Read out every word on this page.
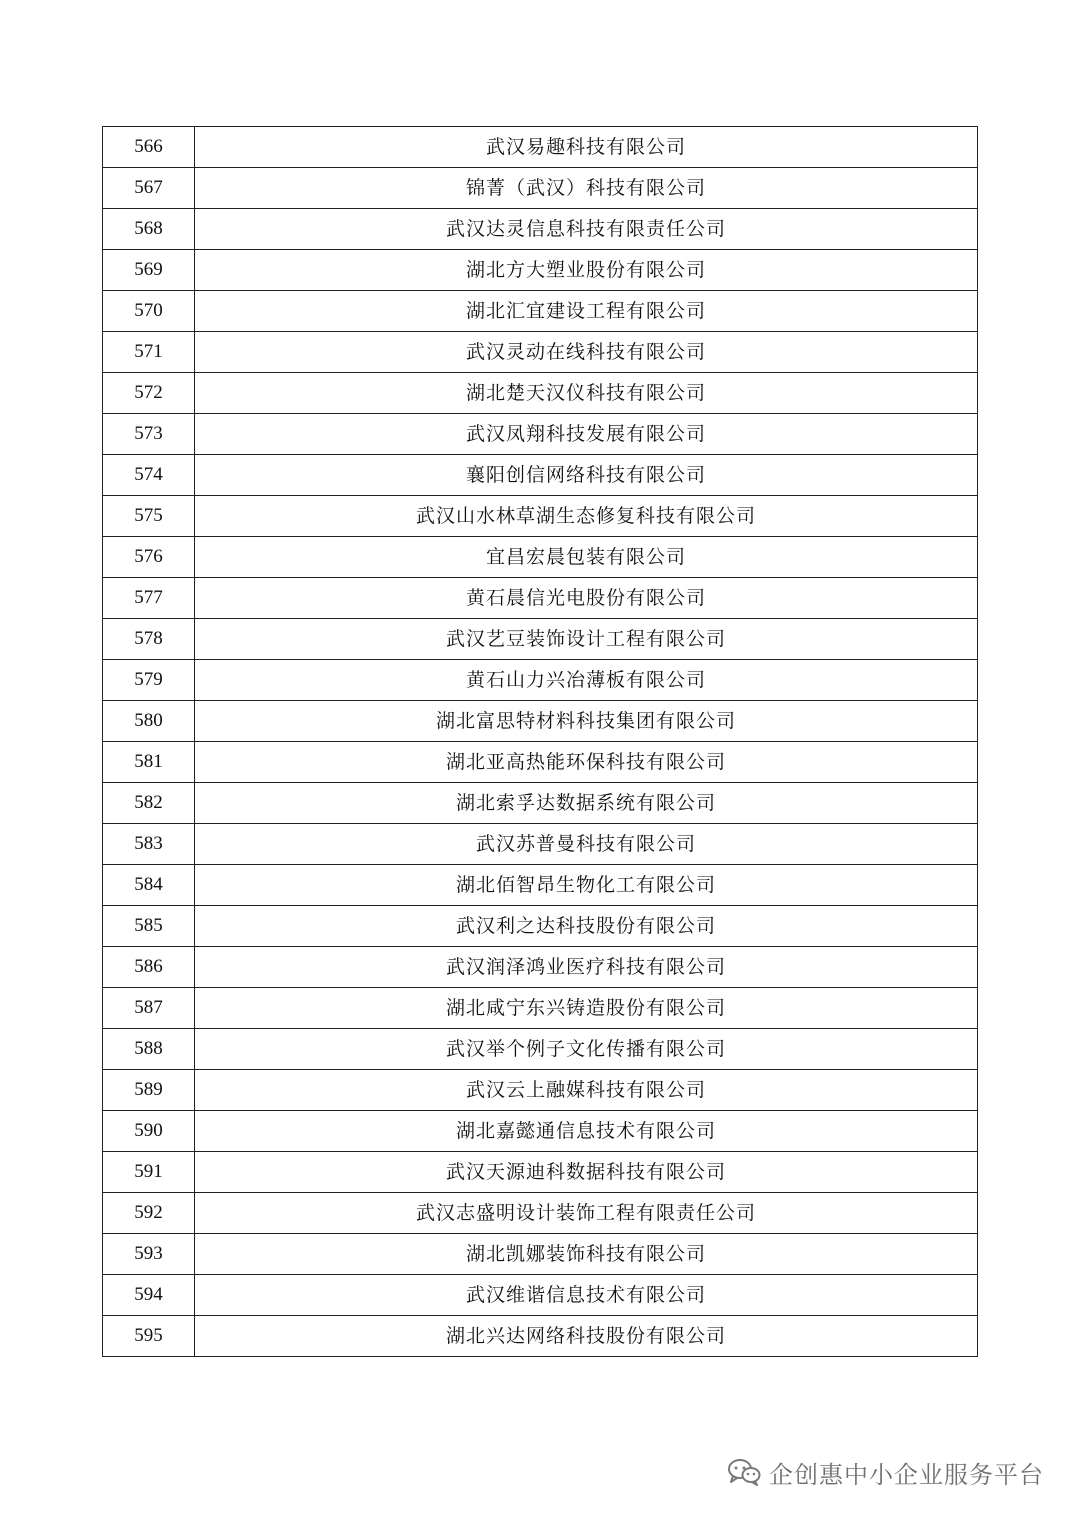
566	武汉易趣科技有限公司
567	锦菁（武汉）科技有限公司
568	武汉达灵信息科技有限责任公司
569	湖北方大塑业股份有限公司
570	湖北汇宜建设工程有限公司
571	武汉灵动在线科技有限公司
572	湖北楚天汉仪科技有限公司
573	武汉凤翔科技发展有限公司
574	襄阳创信网络科技有限公司
575	武汉山水林草湖生态修复科技有限公司
576	宜昌宏晨包装有限公司
577	黄石晨信光电股份有限公司
578	武汉艺豆装饰设计工程有限公司
579	黄石山力兴冶薄板有限公司
580	湖北富思特材料科技集团有限公司
581	湖北亚高热能环保科技有限公司
582	湖北索孚达数据系统有限公司
583	武汉苏普曼科技有限公司
584	湖北佰智昂生物化工有限公司
585	武汉利之达科技股份有限公司
586	武汉润泽鸿业医疗科技有限公司
587	湖北咸宁东兴铸造股份有限公司
588	武汉举个例子文化传播有限公司
589	武汉云上融媒科技有限公司
590	湖北嘉懿通信息技术有限公司
591	武汉天源迪科数据科技有限公司
592	武汉志盛明设计装饰工程有限责任公司
593	湖北凯娜装饰科技有限公司
594	武汉维谐信息技术有限公司
595	湖北兴达网络科技股份有限公司
企创惠中小企业服务平台
